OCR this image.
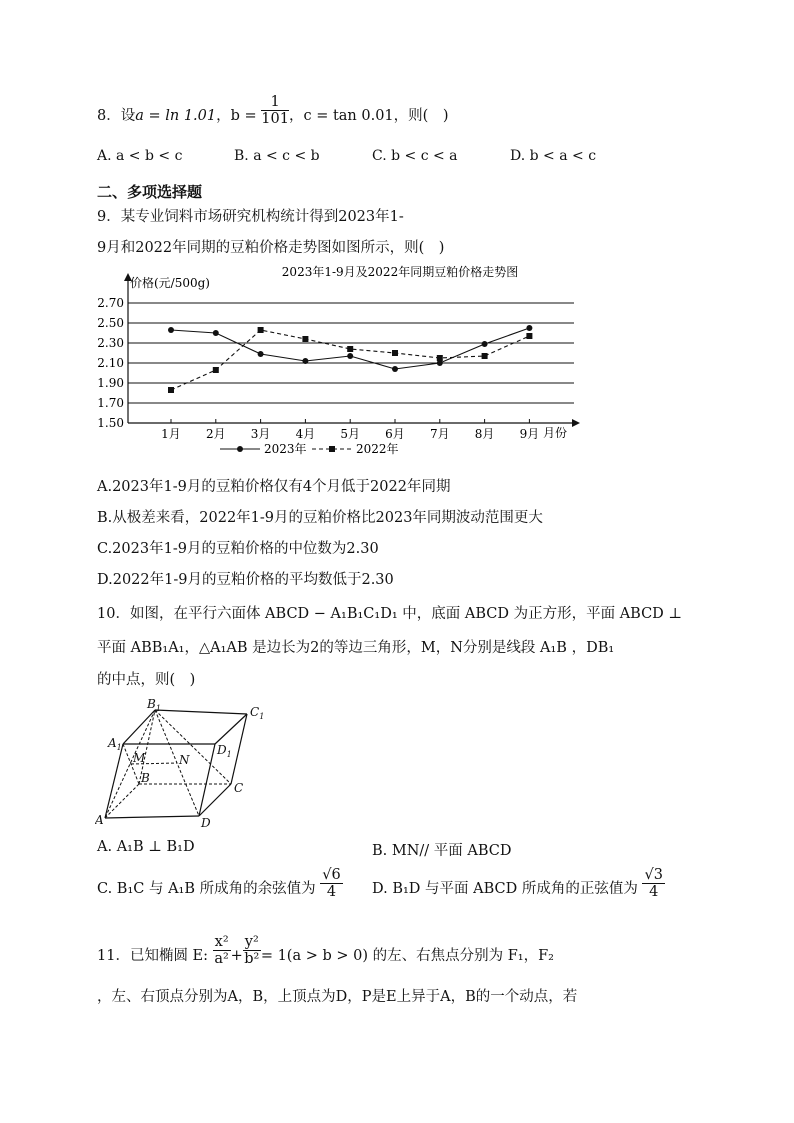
8．设a = ln 1.01，$b = \frac{1}{101}$ ，c = tan 0.01，则(　)
A. a < b < c	B. a < c < b	C. b < c < a	D. b < a < c
二、多项选择题
9．某专业饲料市场研究机构统计得到2023年1-
9月和2022年同期的豆粕价格走势图如图所示，则(　)
1.50
1.70
1.90
2.10
2.30
2.50
2.70
1月 2月 3月 4月 5月 6月 7月 8月 9月
2023年1-9月及2022年同期豆粕价格走势图
价格(元/500g)
月份
2023年	2022年
A.2023年1-9月的豆粕价格仅有4个月低于2022年同期
B.从极差来看，2022年1-9月的豆粕价格比2023年同期波动范围更大
C.2023年1-9月的豆粕价格的中位数为2.30
D.2022年1-9月的豆粕价格的平均数低于2.30
10．如图，在平行六面体 ABCD − A₁B₁C₁D₁ 中，底面 ABCD 为正方形，平面 ABCD ⊥
平面 ABB₁A₁，△A₁AB 是边长为2的等边三角形，M，N分别是线段 A₁B ，DB₁
的中点，则(　)
$A_1$
$B_1$	$C_1$
$D_1$
M	N
B
C
A	D
A. A₁B ⊥ B₁D	B. MN// 平面 ABCD
C. B₁C 与 A₁B 所成角的余弦值为 $\frac{√6}{4} D$. B₁D 与平面 ABCD 所成角的正弦值为 $\frac{√3}{4}$
11．已知椭圆 E: $\frac{\text{x²}}{\text{a²}} + \frac{\text{y²}}{\text{b²}} = 1(a > b > 0)$ 的左、右焦点分别为 F₁，F₂
，左、右顶点分别为A，B，上顶点为D，P是E上异于A，B的一个动点，若
